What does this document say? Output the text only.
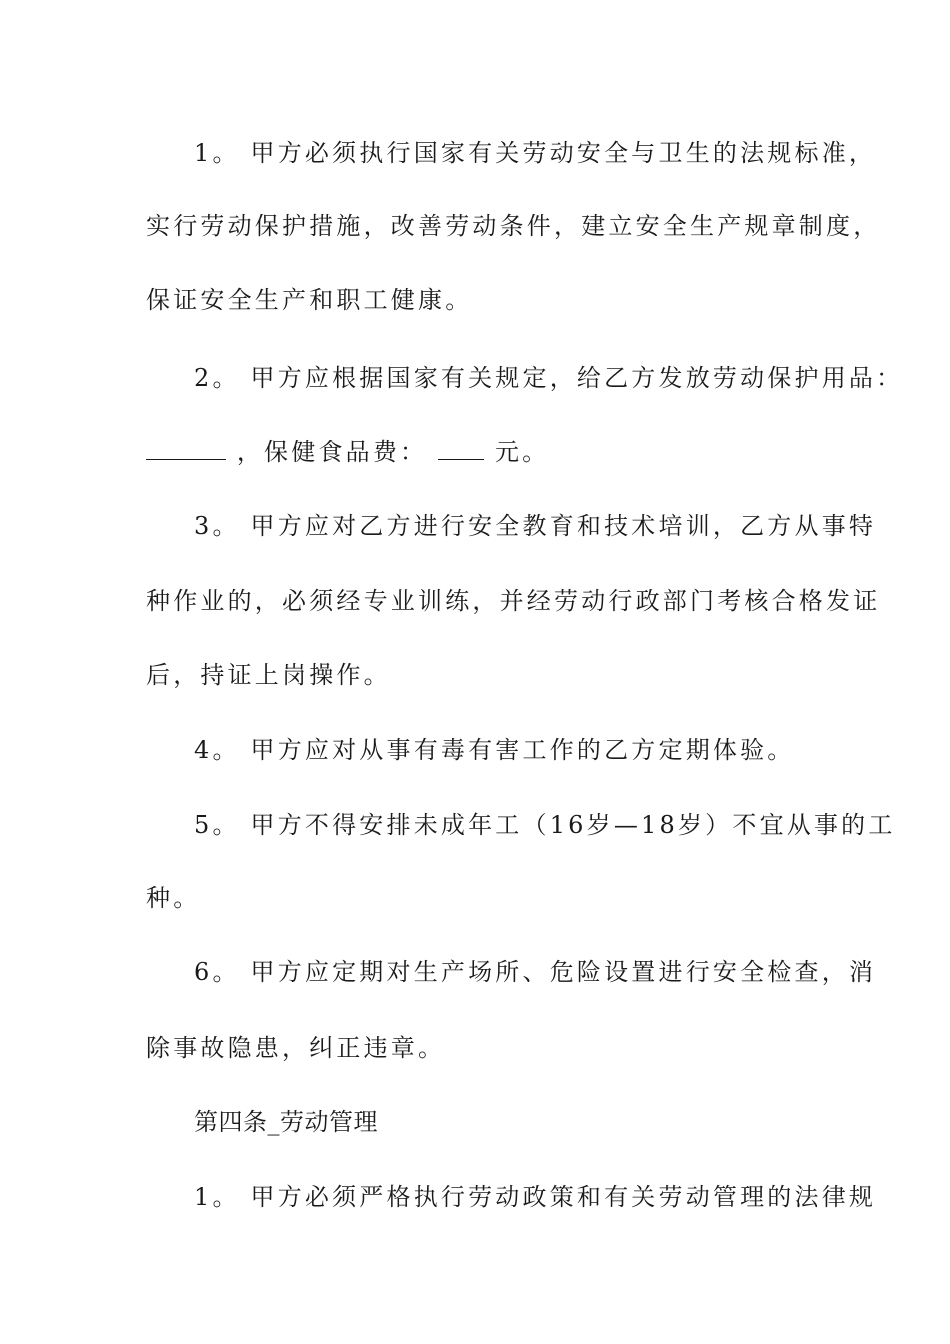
1。 甲方必须执行国家有关劳动安全与卫生的法规标准，
实行劳动保护措施，改善劳动条件，建立安全生产规章制度，
保证安全生产和职工健康。
2。 甲方应根据国家有关规定，给乙方发放劳动保护用品：
，保健食品费：	元。
3。 甲方应对乙方进行安全教育和技术培训，乙方从事特
种作业的，必须经专业训练，并经劳动行政部门考核合格发证
后，持证上岗操作。
4。 甲方应对从事有毒有害工作的乙方定期体验。
5。 甲方不得安排未成年工（16岁—18岁）不宜从事的工
种。
6。 甲方应定期对生产场所、危险设置进行安全检查，消
除事故隐患，纠正违章。
第四条_劳动管理
1。 甲方必须严格执行劳动政策和有关劳动管理的法律规
